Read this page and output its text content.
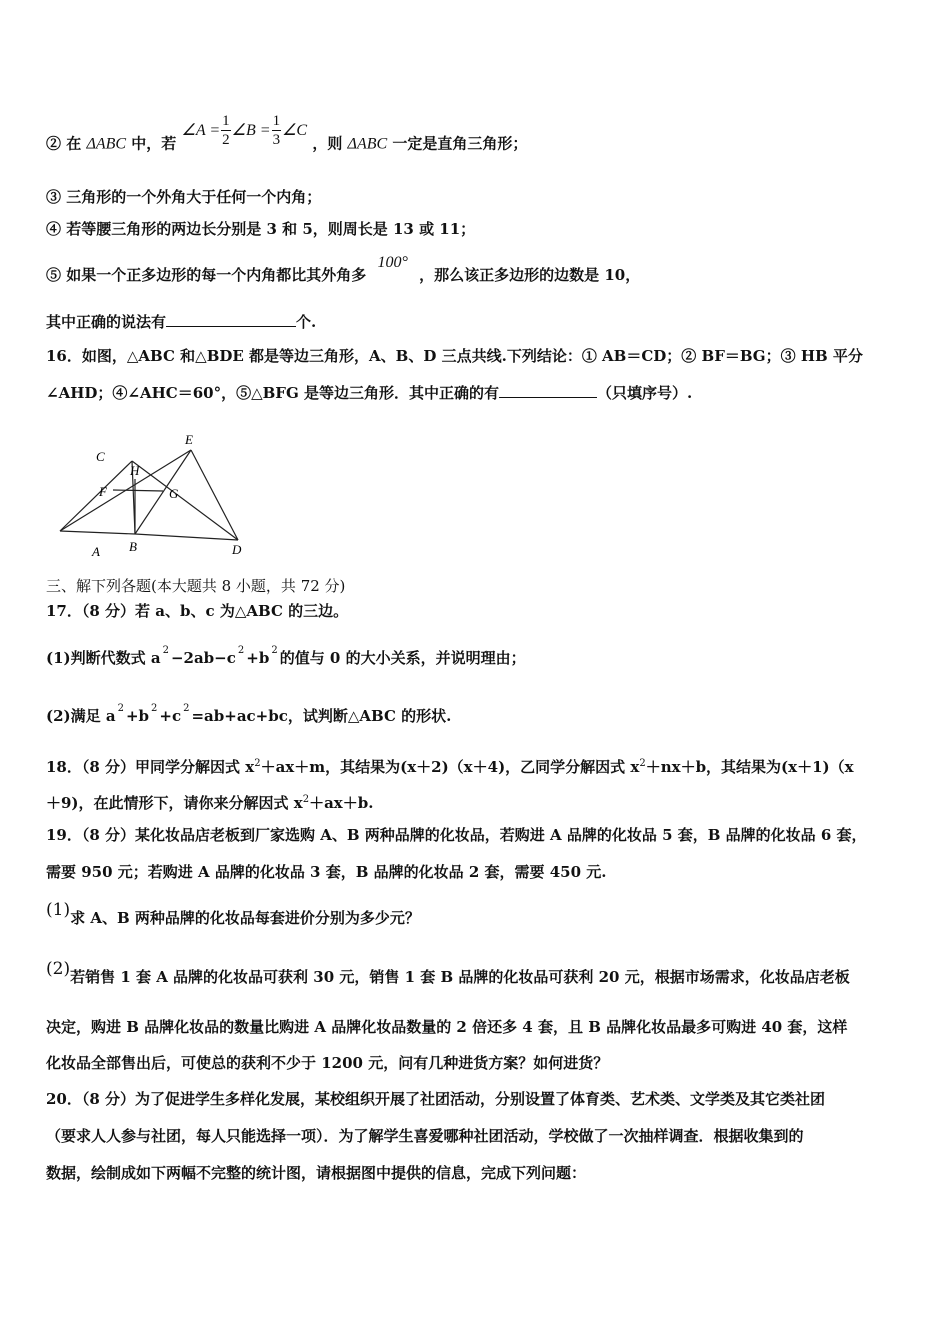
② 在 ΔABC 中，若 ∠A = $\frac{1}{2}$ ∠B = $\frac{1}{3}$ ∠C ，则 ΔABC 一定是直角三角形；
③ 三角形的一个外角大于任何一个内角；
④ 若等腰三角形的两边长分别是 3 和 5，则周长是 13 或 11；
⑤ 如果一个正多边形的每一个内角都比其外角多 100° ，那么该正多边形的边数是 10，
其中正确的说法有	个.
16．如图，△ABC 和△BDE 都是等边三角形，A、B、D 三点共线.下列结论：① AB＝CD；② BF＝BG；③ HB 平分
∠AHD；④∠AHC＝60°，⑤△BFG 是等边三角形．其中正确的有	（只填序号）.
A B
C
D
E
F	G
H
三、解下列各题(本大题共 8 小题，共 72 分)
17．（8 分）若 a、b、c 为△ABC 的三边。
(1)判断代数式 a $^2$ −2ab−c $^2$ +b $^2$ 的值与 0 的大小关系，并说明理由；
(2)满足 a $^2$ +b $^2$ +c $^2$ =ab+ac+bc，试判断△ABC 的形状.
18．（8 分）甲同学分解因式 $x^2+ax+m$，其结果为(x＋2)（x＋4)，乙同学分解因式 $x^2+nx+b$，其结果为(x＋1)（x
＋9)，在此情形下，请你来分解因式 $x^2+ax+b$.
19．（8 分）某化妆品店老板到厂家选购 A、B 两种品牌的化妆品，若购进 A 品牌的化妆品 5 套，B 品牌的化妆品 6 套，
需要 950 元；若购进 A 品牌的化妆品 3 套，B 品牌的化妆品 2 套，需要 450 元.
(1)求 A、B 两种品牌的化妆品每套进价分别为多少元？
(2)若销售 1 套 A 品牌的化妆品可获利 30 元，销售 1 套 B 品牌的化妆品可获利 20 元，根据市场需求，化妆品店老板
决定，购进 B 品牌化妆品的数量比购进 A 品牌化妆品数量的 2 倍还多 4 套，且 B 品牌化妆品最多可购进 40 套，这样
化妆品全部售出后，可使总的获利不少于 1200 元，问有几种进货方案？如何进货？
20．（8 分）为了促进学生多样化发展，某校组织开展了社团活动，分别设置了体育类、艺术类、文学类及其它类社团
（要求人人参与社团，每人只能选择一项）．为了解学生喜爱哪种社团活动，学校做了一次抽样调查．根据收集到的
数据，绘制成如下两幅不完整的统计图，请根据图中提供的信息，完成下列问题：
